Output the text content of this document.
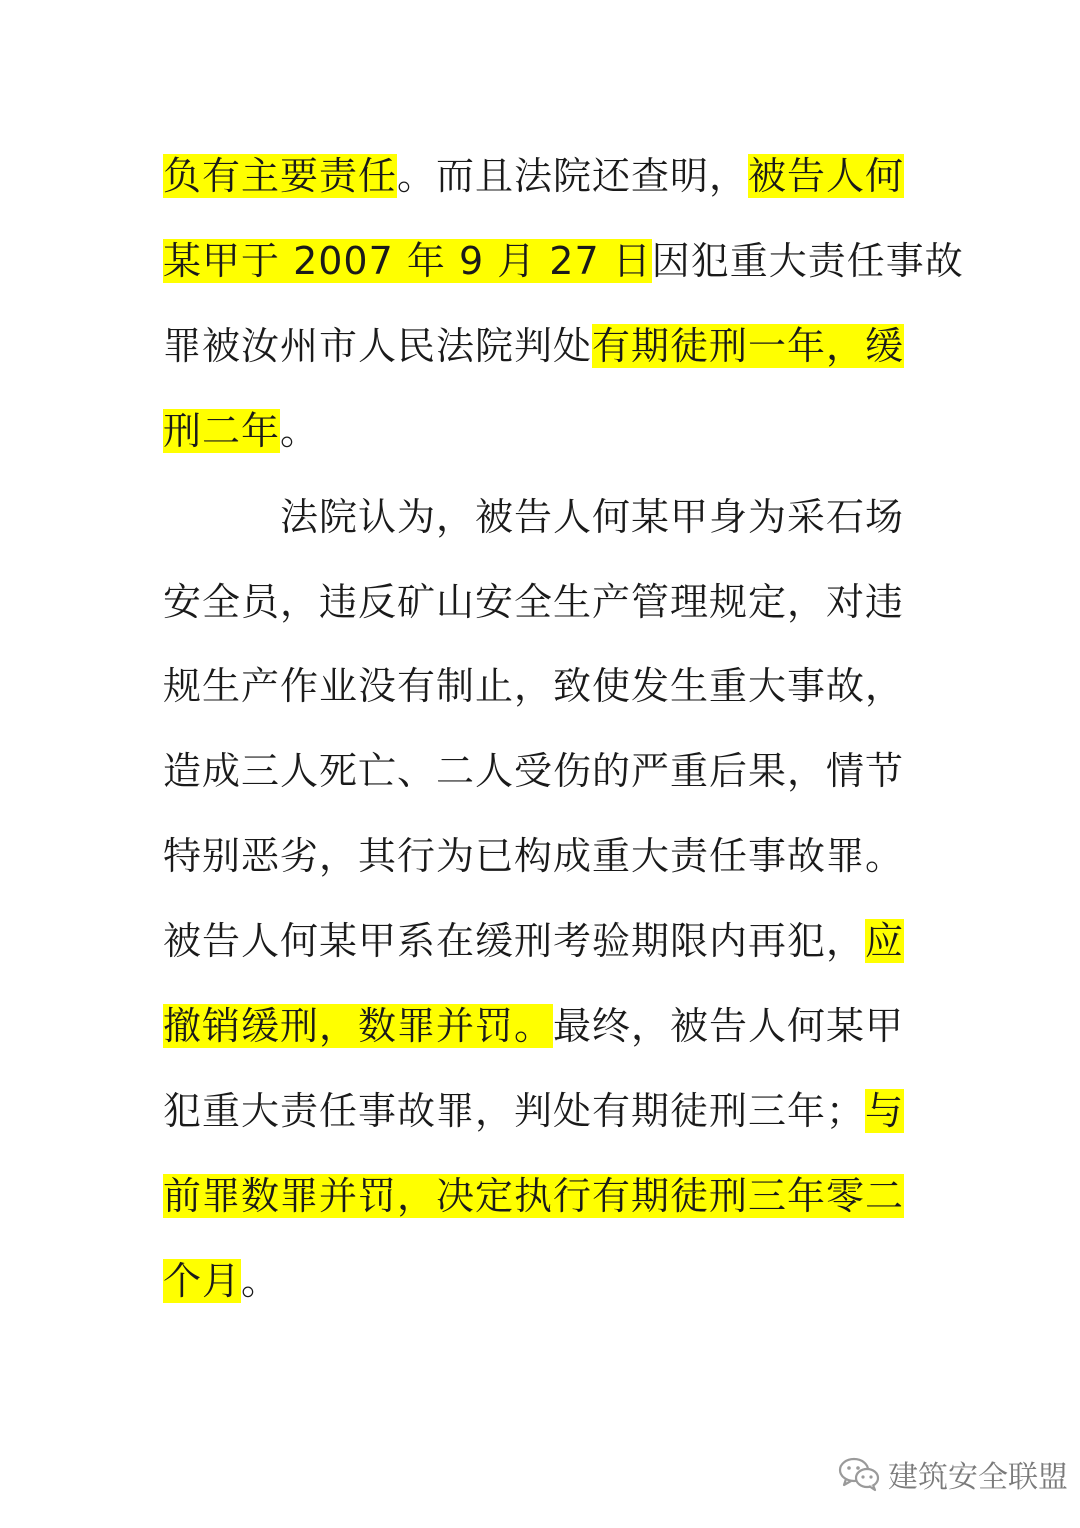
负有主要责任。而且法院还查明，被告人何
某甲于 2007 年 9 月 27 日因犯重大责任事故
罪被汝州市人民法院判处有期徒刑一年，缓
刑二年。
法院认为，被告人何某甲身为采石场
安全员，违反矿山安全生产管理规定，对违
规生产作业没有制止，致使发生重大事故，
造成三人死亡、二人受伤的严重后果，情节
特别恶劣，其行为已构成重大责任事故罪。
被告人何某甲系在缓刑考验期限内再犯，应
撤销缓刑，数罪并罚。最终，被告人何某甲
犯重大责任事故罪，判处有期徒刑三年；与
前罪数罪并罚，决定执行有期徒刑三年零二
个月。
建筑安全联盟
